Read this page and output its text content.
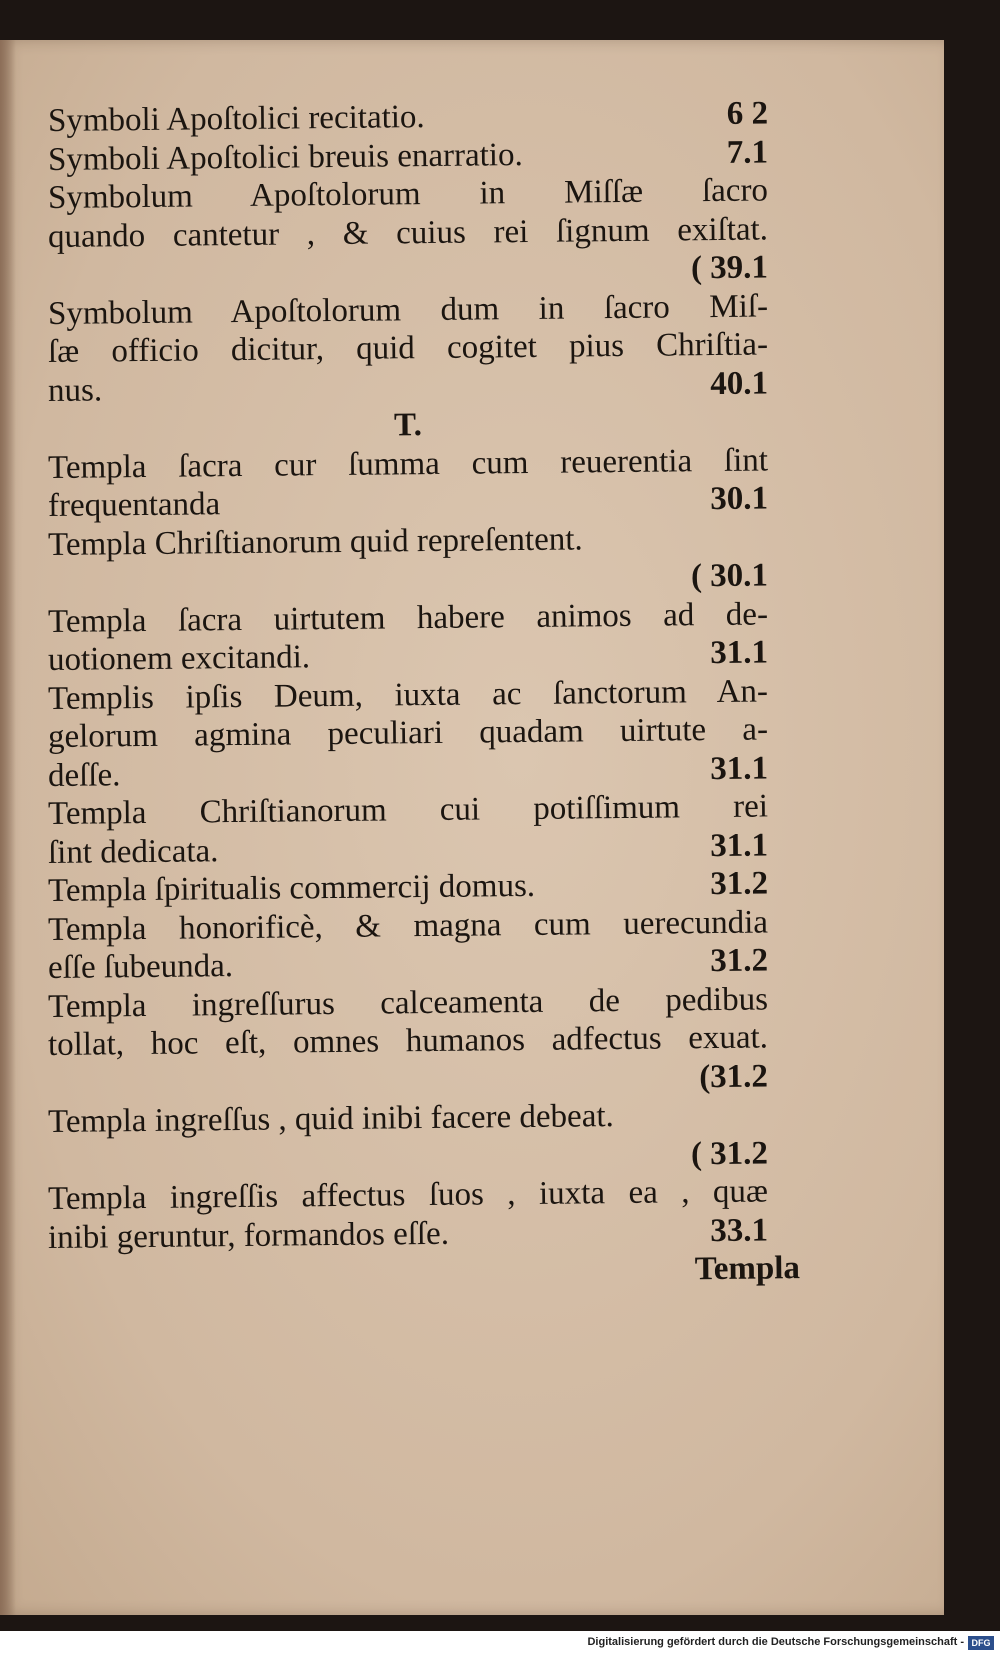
Symboli Apoſtolici recitatio.	6 2
Symboli Apoſtolici breuis enarratio.	7.1
Symbolum Apoſtolorum in Miſſæ ſacro
quando cantetur , & cuius rei ſignum exiſtat.
( 39.1
Symbolum Apoſtolorum dum in ſacro Miſ-
ſæ officio dicitur, quid cogitet pius Chriſtia-
nus.	40.1
T.
Templa ſacra cur ſumma cum reuerentia ſint
frequentanda	30.1
Templa Chriſtianorum quid repreſentent.
( 30.1
Templa ſacra uirtutem habere animos ad de-
uotionem excitandi.	31.1
Templis ipſis Deum, iuxta ac ſanctorum An-
gelorum agmina peculiari quadam uirtute a-
deſſe.	31.1
Templa Chriſtianorum cui potiſſimum rei
ſint dedicata.	31.1
Templa ſpiritualis commercij domus.	31.2
Templa honorificè, & magna cum uerecundia
eſſe ſubeunda.	31.2
Templa ingreſſurus calceamenta de pedibus
tollat, hoc eſt, omnes humanos adfectus exuat.
(31.2
Templa ingreſſus , quid inibi facere debeat.
( 31.2
Templa ingreſſis affectus ſuos , iuxta ea , quæ
inibi geruntur, formandos eſſe.	33.1
Templa
Digitalisierung gefördert durch die Deutsche Forschungsgemeinschaft - DFG
